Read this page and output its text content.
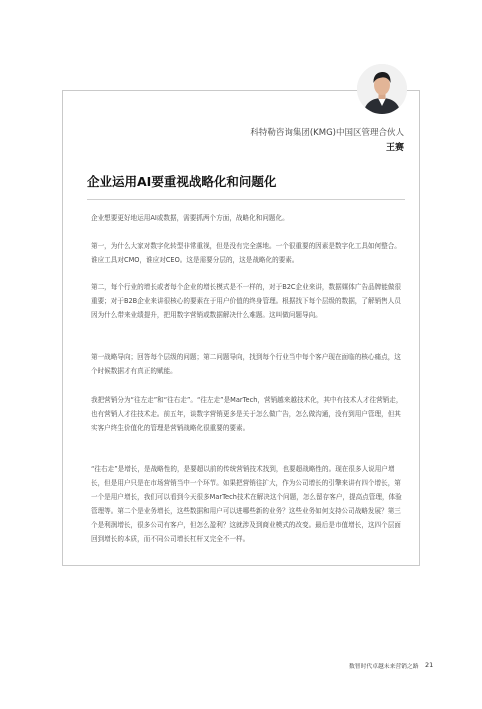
科特勒咨询集团(KMG)中国区管理合伙人
王赛
企业运用AI要重视战略化和问题化

企业想要更好地运用AI或数据，需要抓两个方面，战略化和问题化。

第一，为什么大家对数字化转型非常重视，但是没有完全落地。一个很重要的因素是数字化工具如何整合。谁应工具对CMO，谁应对CEO。这是需要分层的，这是战略化的要素。

第二，每个行业的增长或者每个企业的增长模式是不一样的，对于B2C企业来讲，数据媒体广告品牌能做很重要；对于B2B企业来讲很核心的要素在于用户价值的终身管理。根据找下每个层级的数据，了解销售人员因为什么带来业绩提升，把用数字营销或数据解决什么难题。这叫做问题导向。

第一战略导向；回答每个层级的问题；第二问题导向，找到每个行业当中每个客户现在面临的核心痛点，这个时候数据才有真正的赋能。

我把营销分为“往左走”和“往右走”。“往左走”是MarTech，营销越来越技术化，其中有技术人才往营销走，也有营销人才往技术走。前五年，谈数字营销更多是关于怎么做广告，怎么做沟通，没有到用户管理，但其实客户终生价值化的管理是营销战略化很重要的要素。

“往右走”是增长，是战略性的，是要超以前的传统营销技术找到，也要超战略性的。现在很多人说用户增长，但是用户只是在市场营销当中一个环节。如果把营销往扩大，作为公司增长的引擎来讲有四个增长，第一个是用户增长，我们可以看到今天很多MarTech技术在解决这个问题，怎么留存客户，提高点管理，体验管理等。第二个是业务增长，这些数据和用户可以进哪些新的业务？这些业务如何支持公司战略发展？第三个是利润增长，很多公司有客户，但怎么盈利？这就涉及到商业模式的改变。最后是市值增长，这四个层面回到增长的本质，而不同公司增长杠杆又完全不一样。

数智时代卓越未来营销之路 21
